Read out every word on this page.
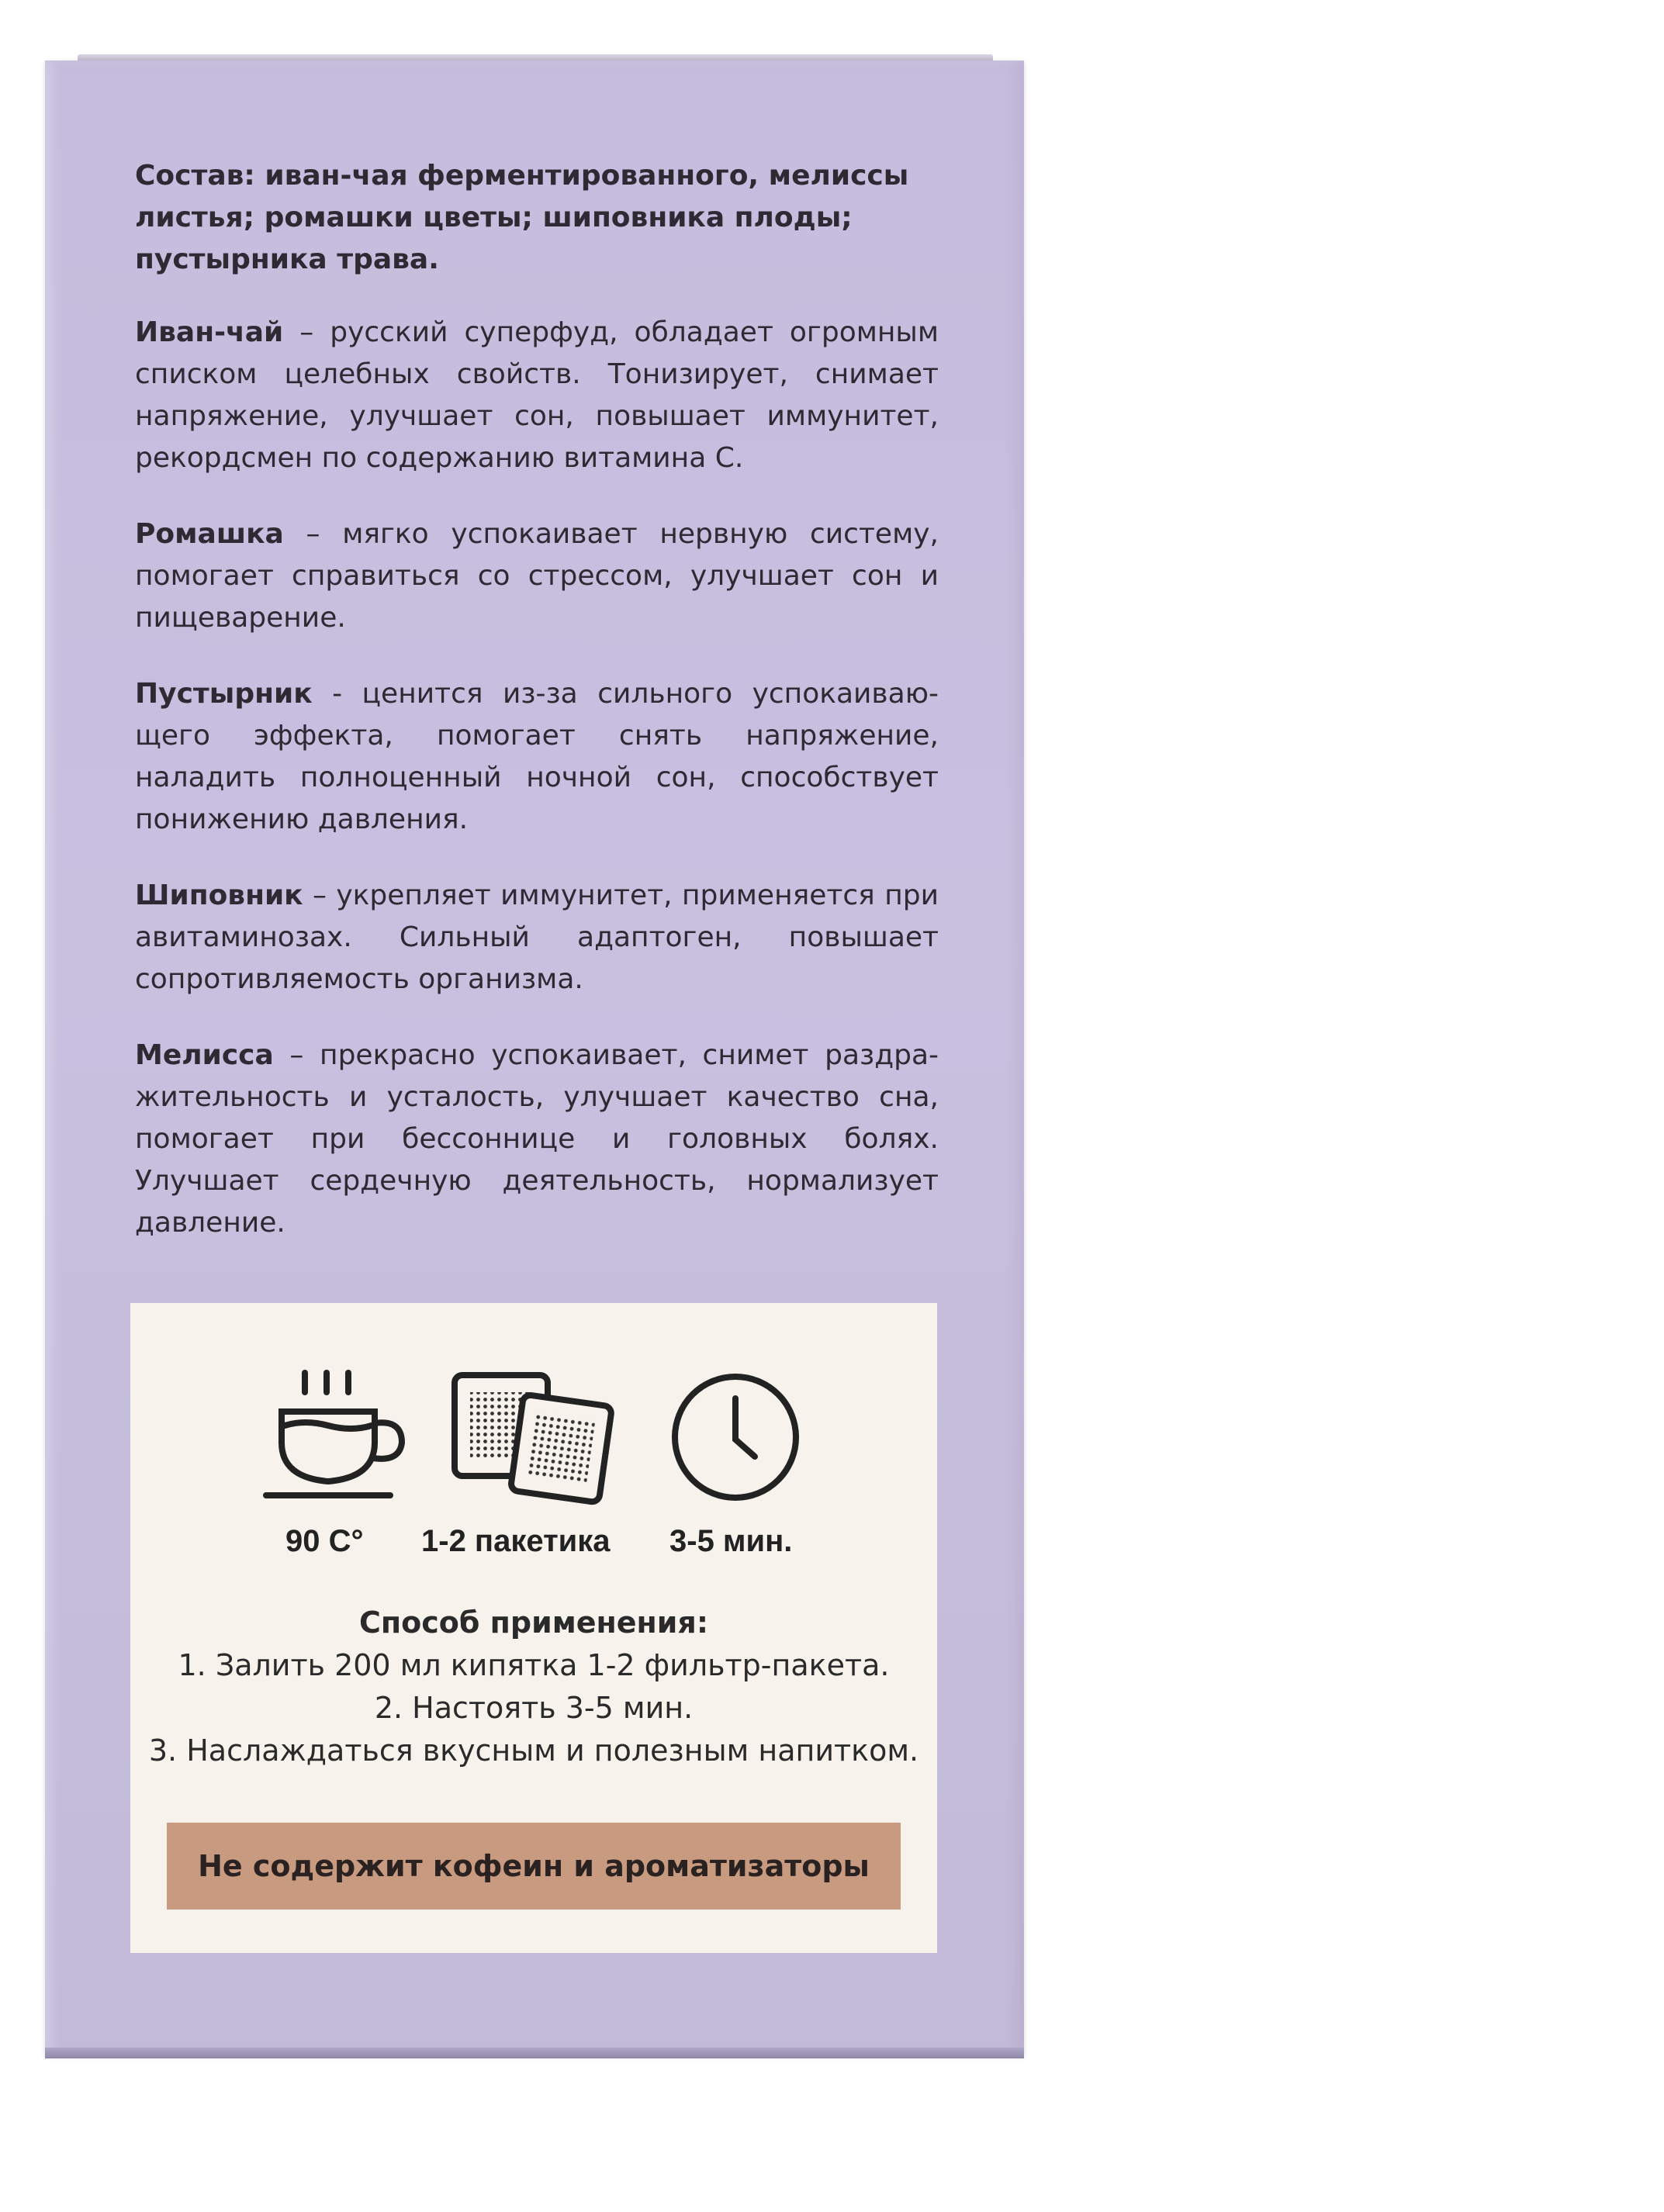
Состав: иван-чая ферментированного, мелиссы листья; ромашки цветы; шиповника плоды; пустырника трава.

Иван-чай – русский суперфуд, обладает огромным списком целебных свойств. Тонизирует, снимает напряжение, улучшает сон, повышает иммунитет, рекордсмен по содержанию витамина С.

Ромашка – мягко успокаивает нервную систему, помогает справиться со стрессом, улучшает сон и пищеварение.

Пустырник - ценится из-за сильного успокаиваю-щего эффекта, помогает снять напряжение, наладить полноценный ночной сон, способствует понижению давления.

Шиповник – укрепляет иммунитет, применяется при авитаминозах. Сильный адаптоген, повышает сопротивляемость организма.

Мелисса – прекрасно успокаивает, снимет раздра-жительность и усталость, улучшает качество сна, помогает при бессоннице и головных болях. Улучшает сердечную деятельность, нормализует давление.

90 C° 1-2 пакетика 3-5 мин.
Способ применения:
1. Залить 200 мл кипятка 1-2 фильтр-пакета.
2. Настоять 3-5 мин.
3. Наслаждаться вкусным и полезным напитком.
Не содержит кофеин и ароматизаторы
